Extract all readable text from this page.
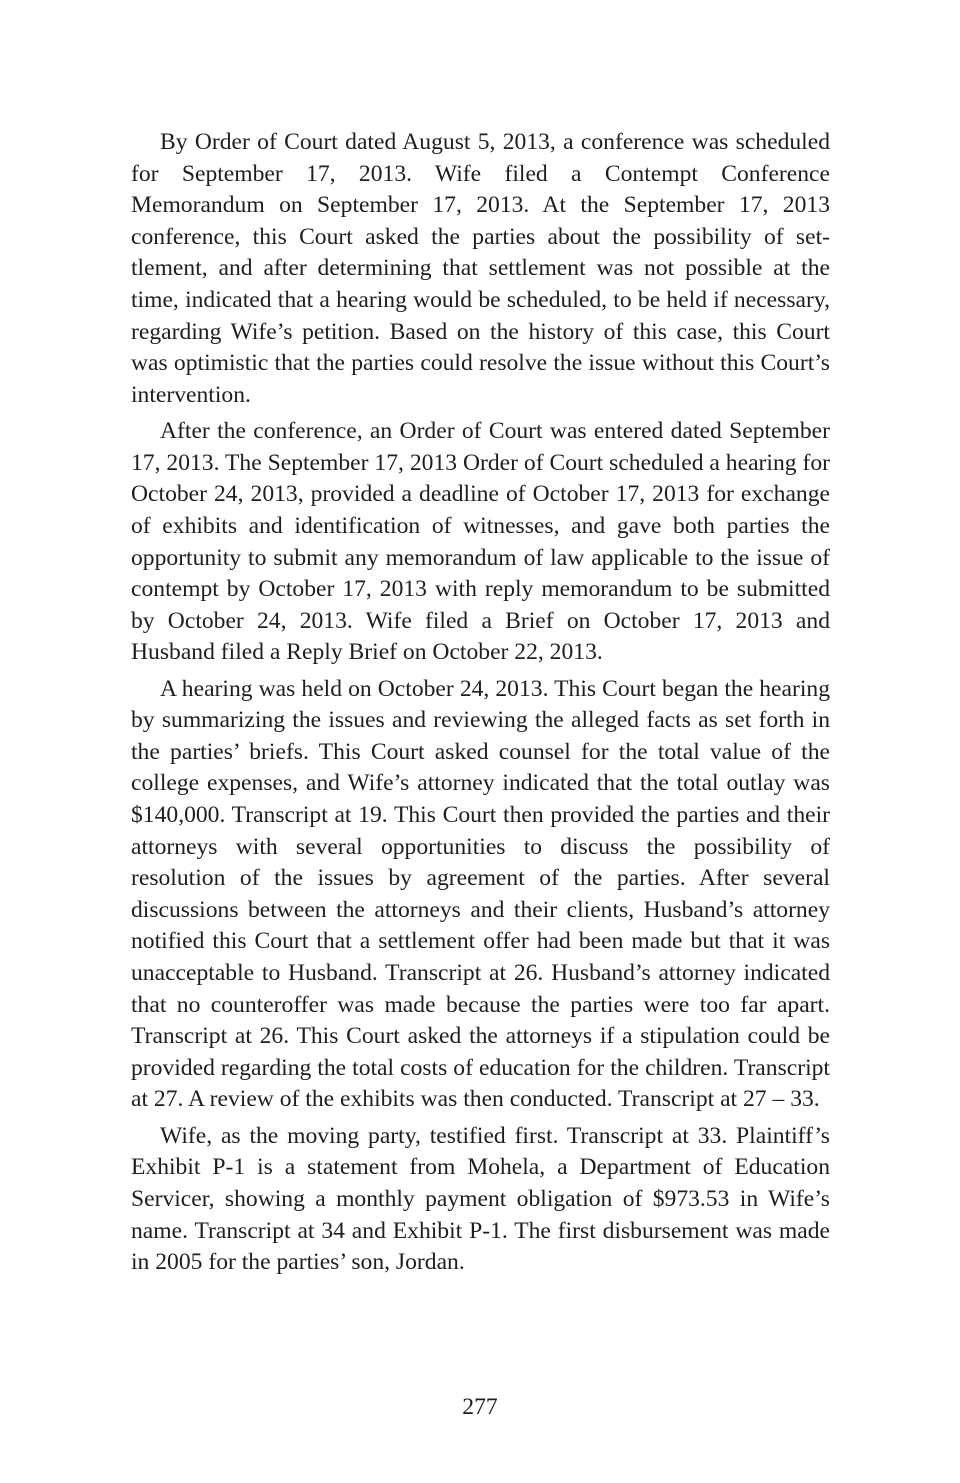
By Order of Court dated August 5, 2013, a conference was scheduled for September 17, 2013. Wife filed a Contempt Conference Memorandum on September 17, 2013. At the September 17, 2013 conference, this Court asked the parties about the possibility of settlement, and after determining that settlement was not possible at the time, indicated that a hearing would be scheduled, to be held if necessary, regarding Wife’s petition. Based on the history of this case, this Court was optimistic that the parties could resolve the issue without this Court’s intervention.

After the conference, an Order of Court was entered dated September 17, 2013. The September 17, 2013 Order of Court scheduled a hearing for October 24, 2013, provided a deadline of October 17, 2013 for exchange of exhibits and identification of witnesses, and gave both parties the opportunity to submit any memorandum of law applicable to the issue of contempt by October 17, 2013 with reply memorandum to be submitted by October 24, 2013. Wife filed a Brief on October 17, 2013 and Husband filed a Reply Brief on October 22, 2013.

A hearing was held on October 24, 2013. This Court began the hearing by summarizing the issues and reviewing the alleged facts as set forth in the parties’ briefs. This Court asked counsel for the total value of the college expenses, and Wife’s attorney indicated that the total outlay was $140,000. Transcript at 19. This Court then provided the parties and their attorneys with several opportunities to discuss the possibility of resolution of the issues by agreement of the parties. After several discussions between the attorneys and their clients, Husband’s attorney notified this Court that a settlement offer had been made but that it was unacceptable to Husband. Transcript at 26. Husband’s attorney indicated that no counteroffer was made because the parties were too far apart. Transcript at 26. This Court asked the attorneys if a stipulation could be provided regarding the total costs of education for the children. Transcript at 27. A review of the exhibits was then conducted. Transcript at 27 – 33.

Wife, as the moving party, testified first. Transcript at 33. Plaintiff’s Exhibit P-1 is a statement from Mohela, a Department of Education Servicer, showing a monthly payment obligation of $973.53 in Wife’s name. Transcript at 34 and Exhibit P-1. The first disbursement was made in 2005 for the parties’ son, Jordan.

277
